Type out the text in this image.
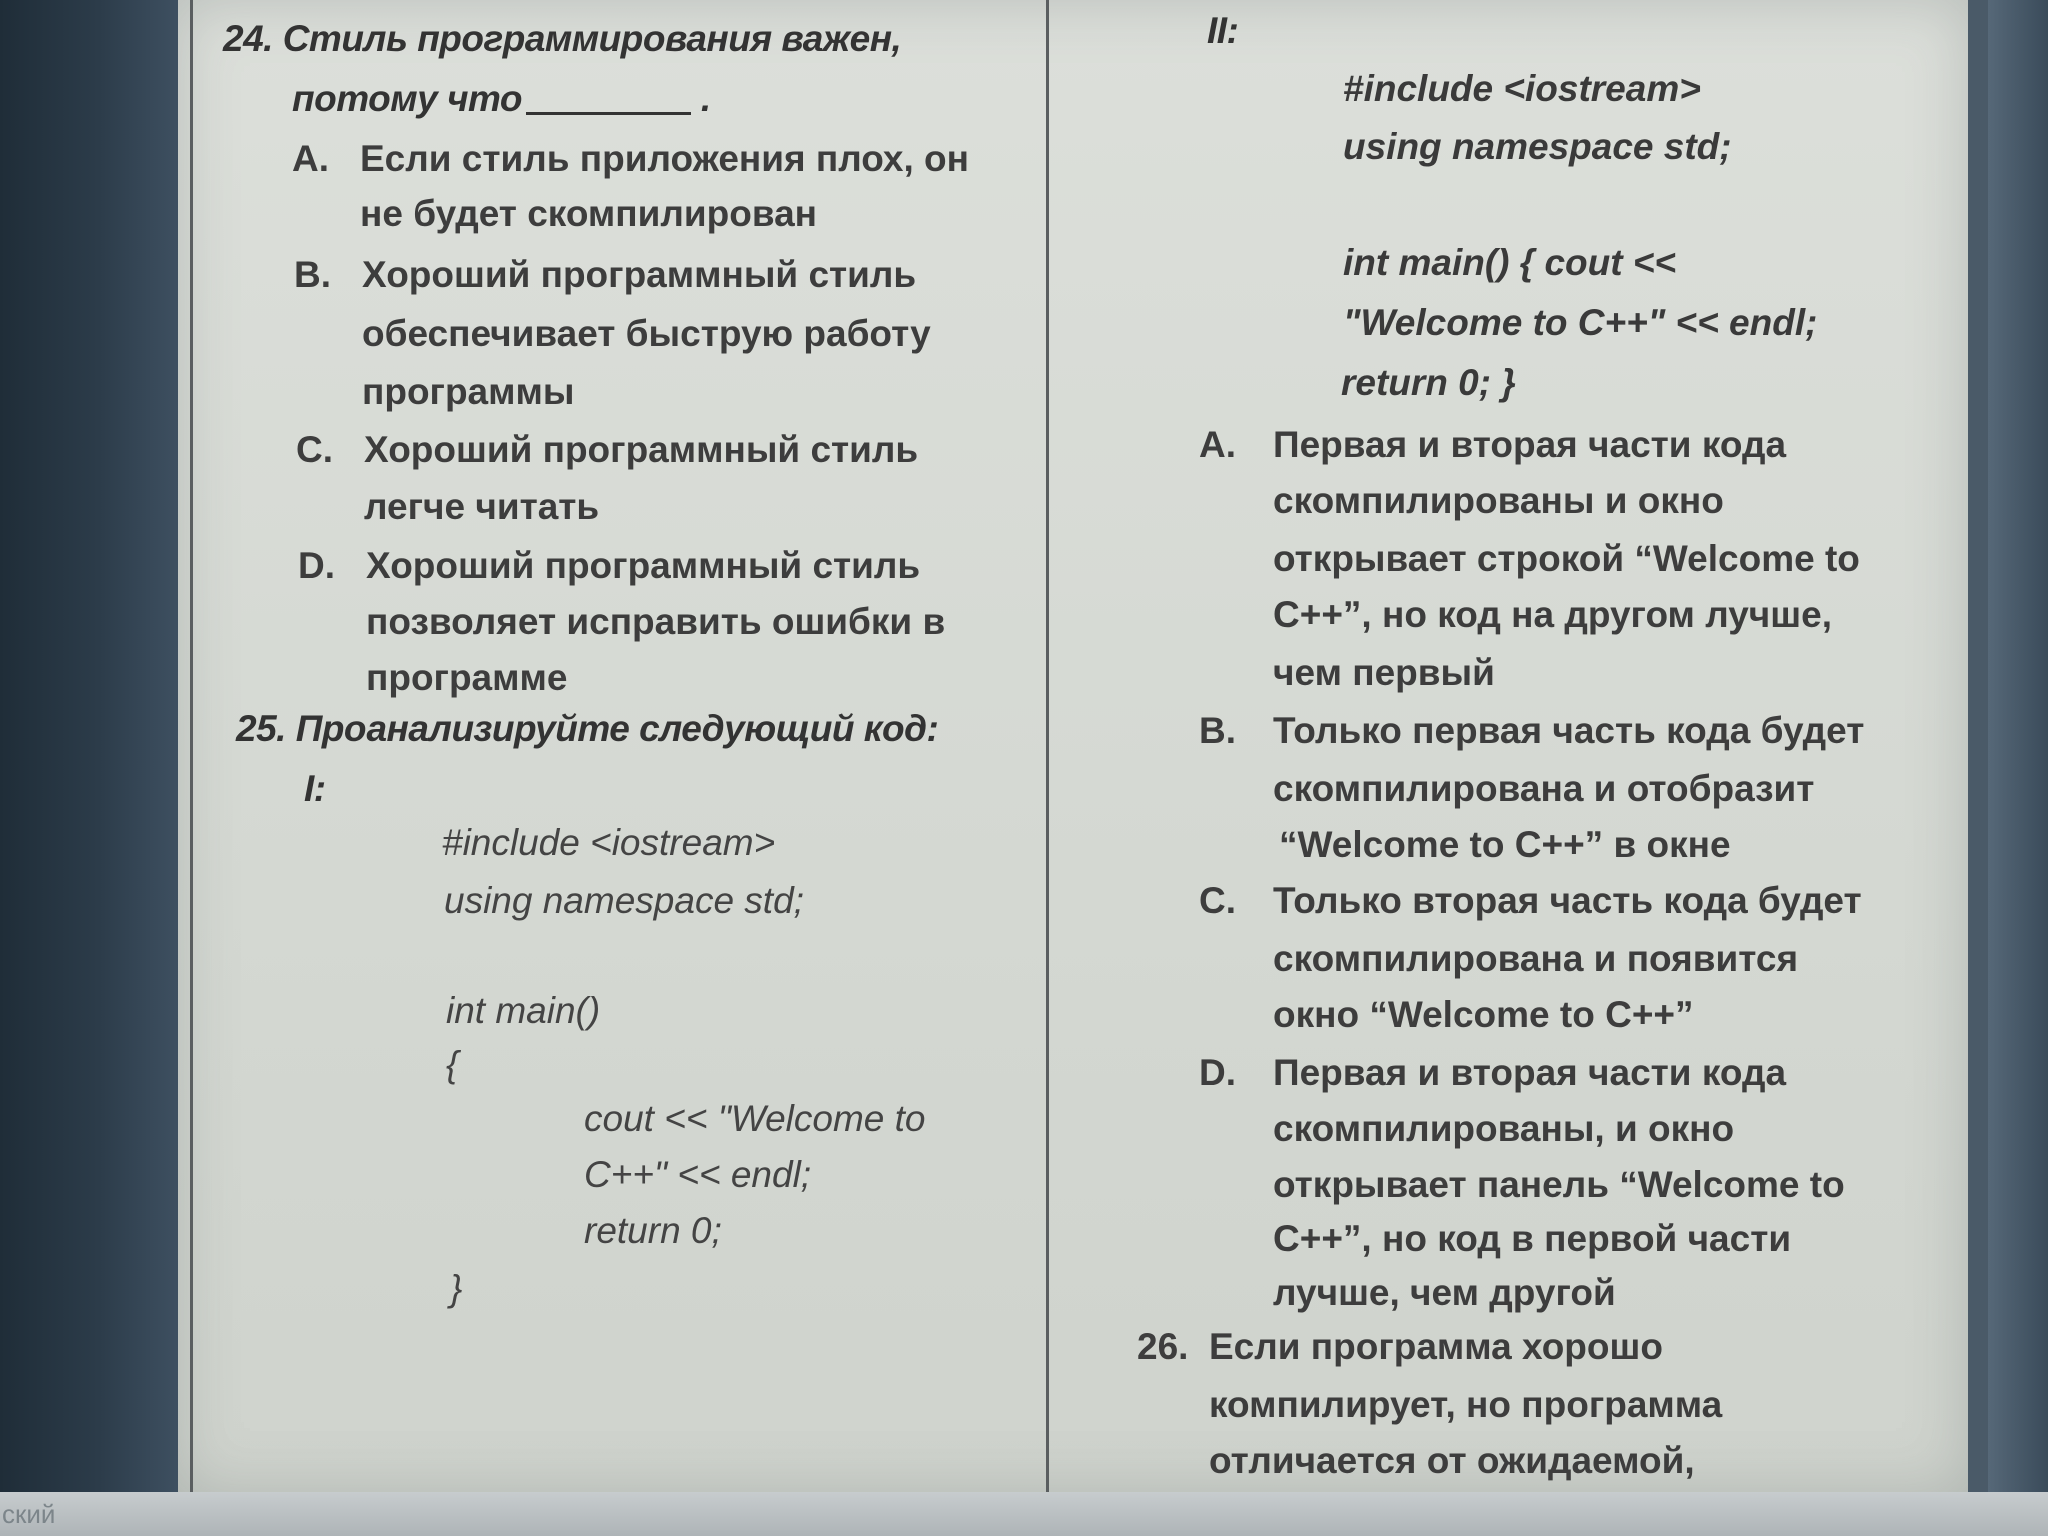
24. Стиль программирования важен,
потому что	.
A. Если стиль приложения плох, он
не будет скомпилирован
B. Хороший программный стиль
обеспечивает быструю работу
программы
C. Хороший программный стиль
легче читать
D. Хороший программный стиль
позволяет исправить ошибки в
программе
25. Проанализируйте следующий код:
I:
#include <iostream>
using namespace std;
int main()
{
cout << "Welcome to
C++" << endl;
return 0;
}
II:
#include <iostream>
using namespace std;
int main() { cout <<
"Welcome to C++" << endl;
return 0; }
A. Первая и вторая части кода
скомпилированы и окно
открывает строкой “Welcome to
C++”, но код на другом лучше,
чем первый
B. Только первая часть кода будет
скомпилирована и отобразит
“Welcome to C++” в окне
C. Только вторая часть кода будет
скомпилирована и появится
окно “Welcome to C++”
D. Первая и вторая части кода
скомпилированы, и окно
открывает панель “Welcome to
C++”, но код в первой части
лучше, чем другой
26. Если программа хорошо
компилирует, но программа
отличается от ожидаемой,
ский
